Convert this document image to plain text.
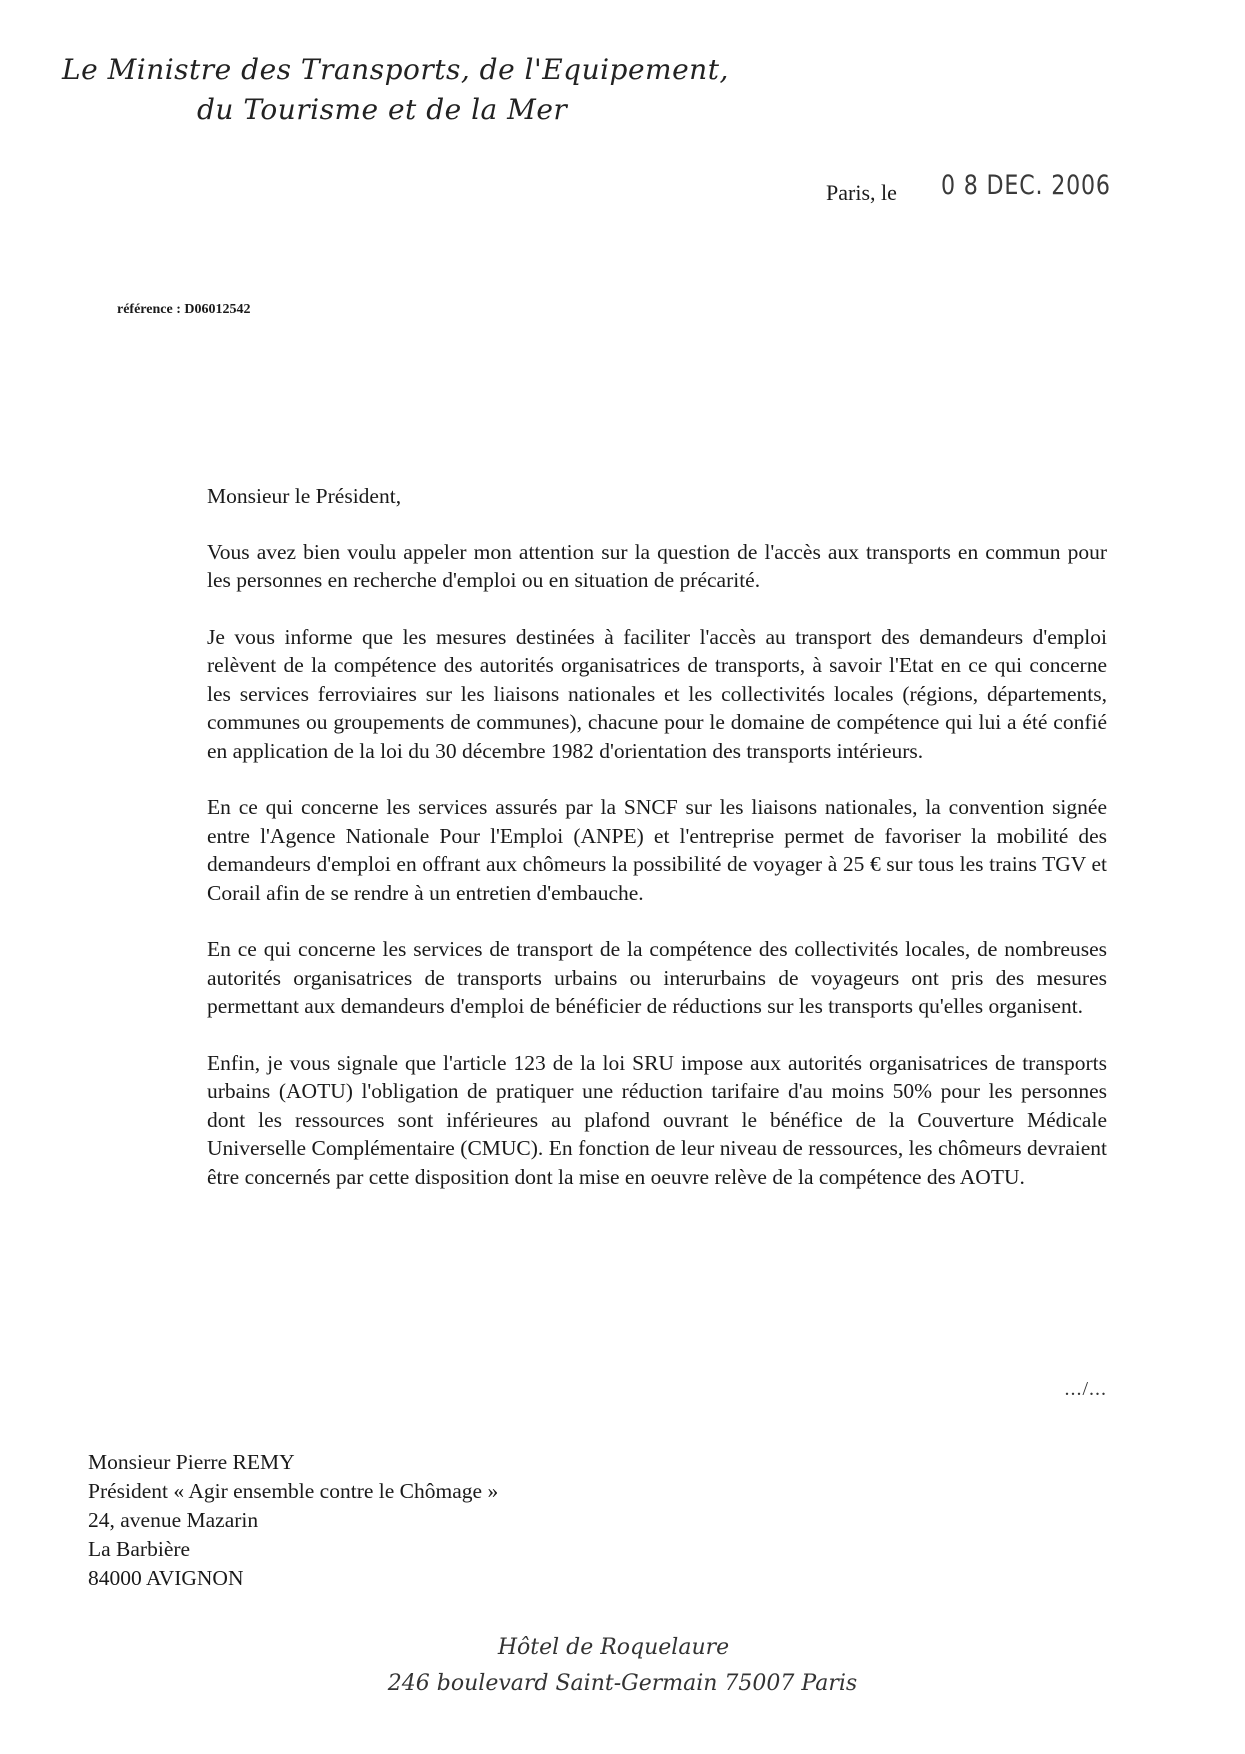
Le Ministre des Transports, de l'Equipement,
du Tourisme et de la Mer
Paris, le 0 8 DEC. 2006
référence : D06012542

Monsieur le Président,

Vous avez bien voulu appeler mon attention sur la question de l'accès aux transports en commun pour les personnes en recherche d'emploi ou en situation de précarité.

Je vous informe que les mesures destinées à faciliter l'accès au transport des demandeurs d'emploi relèvent de la compétence des autorités organisatrices de transports, à savoir l'Etat en ce qui concerne les services ferroviaires sur les liaisons nationales et les collectivités locales (régions, départements, communes ou groupements de communes), chacune pour le domaine de compétence qui lui a été confié en application de la loi du 30 décembre 1982 d'orientation des transports intérieurs.

En ce qui concerne les services assurés par la SNCF sur les liaisons nationales, la convention signée entre l'Agence Nationale Pour l'Emploi (ANPE) et l'entreprise permet de favoriser la mobilité des demandeurs d'emploi en offrant aux chômeurs la possibilité de voyager à 25 € sur tous les trains TGV et Corail afin de se rendre à un entretien d'embauche.

En ce qui concerne les services de transport de la compétence des collectivités locales, de nombreuses autorités organisatrices de transports urbains ou interurbains de voyageurs ont pris des mesures permettant aux demandeurs d'emploi de bénéficier de réductions sur les transports qu'elles organisent.

Enfin, je vous signale que l'article 123 de la loi SRU impose aux autorités organisatrices de transports urbains (AOTU) l'obligation de pratiquer une réduction tarifaire d'au moins 50% pour les personnes dont les ressources sont inférieures au plafond ouvrant le bénéfice de la Couverture Médicale Universelle Complémentaire (CMUC). En fonction de leur niveau de ressources, les chômeurs devraient être concernés par cette disposition dont la mise en oeuvre relève de la compétence des AOTU.

.../...
Monsieur Pierre REMY
Président « Agir ensemble contre le Chômage »
24, avenue Mazarin
La Barbière
84000 AVIGNON
Hôtel de Roquelaure
246 boulevard Saint-Germain 75007 Paris
